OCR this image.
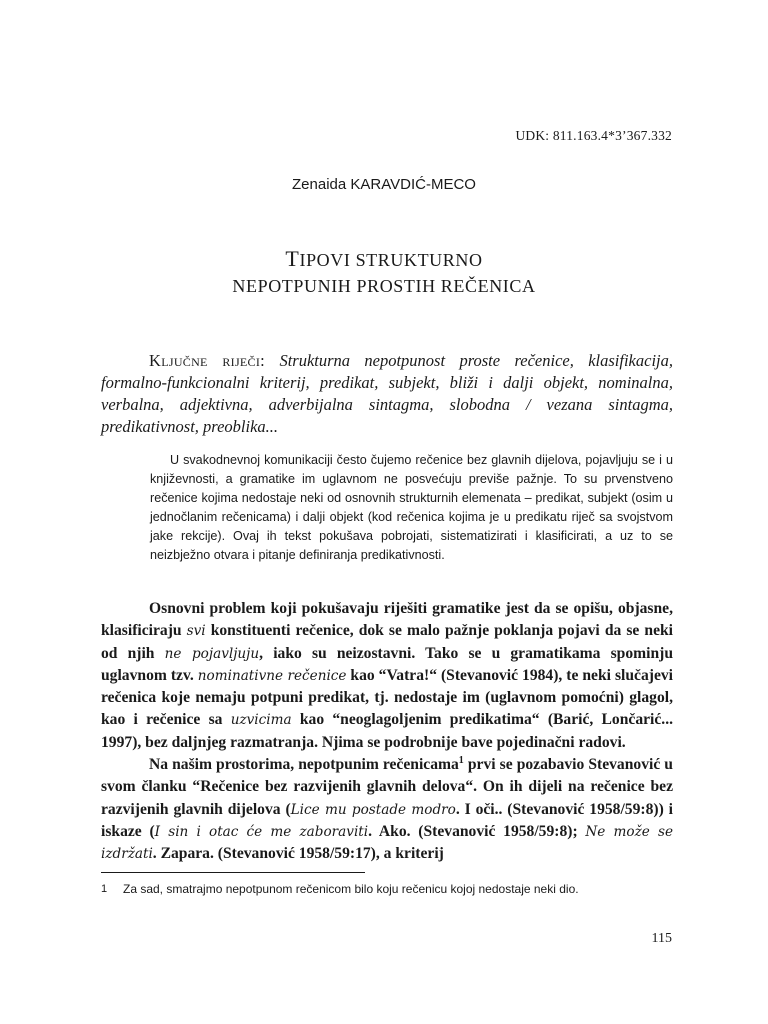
UDK: 811.163.4*3’367.332
Zenaida KARAVDIĆ-MECO
TIPOVI STRUKTURNO
NEPOTPUNIH PROSTIH REČENICA
Ključne riječi: Strukturna nepotpunost proste rečenice, klasifikacija, formalno-funkcionalni kriterij, predikat, subjekt, bliži i dalji objekt, nominalna, verbalna, adjektivna, adverbijalna sintagma, slobodna / vezana sintagma, predikativnost, preoblika...
U svakodnevnoj komunikaciji često čujemo rečenice bez glavnih dijelova, pojavljuju se i u književnosti, a gramatike im uglavnom ne posvećuju previše pažnje. To su prvenstveno rečenice kojima nedostaje neki od osnovnih strukturnih elemenata – predikat, subjekt (osim u jednočlanim rečenicama) i dalji objekt (kod rečenica kojima je u predikatu riječ sa svojstvom jake rekcije). Ovaj ih tekst pokušava pobrojati, sistematizirati i klasificirati, a uz to se neizbježno otvara i pitanje definiranja predikativnosti.

Osnovni problem koji pokušavaju riješiti gramatike jest da se opišu, objasne, klasificiraju svi konstituenti rečenice, dok se malo pažnje poklanja pojavi da se neki od njih ne pojavljuju, iako su neizostavni. Tako se u gramatikama spominju uglavnom tzv. nominativne rečenice kao “Vatra!“ (Stevanović 1984), te neki slučajevi rečenica koje nemaju potpuni predikat, tj. nedostaje im (uglavnom pomoćni) glagol, kao i rečenice sa uzvicima kao “neoglagoljenim predikatima“ (Barić, Lončarić... 1997), bez daljnjeg razmatranja. Njima se podrobnije bave pojedinačni radovi.

Na našim prostorima, nepotpunim rečenicama$^1$ prvi se pozabavio Stevanović u svom članku “Rečenice bez razvijenih glavnih delova“. On ih dijeli na rečenice bez razvijenih glavnih dijelova (Lice mu postade modro. I oči.. (Stevanović 1958/59:8)) i iskaze (I sin i otac će me zaboraviti. Ako. (Stevanović 1958/59:8); Ne može se izdržati. Zapara. (Stevanović 1958/59:17), a kriterij

1 Za sad, smatrajmo nepotpunom rečenicom bilo koju rečenicu kojoj nedostaje neki dio.
115
